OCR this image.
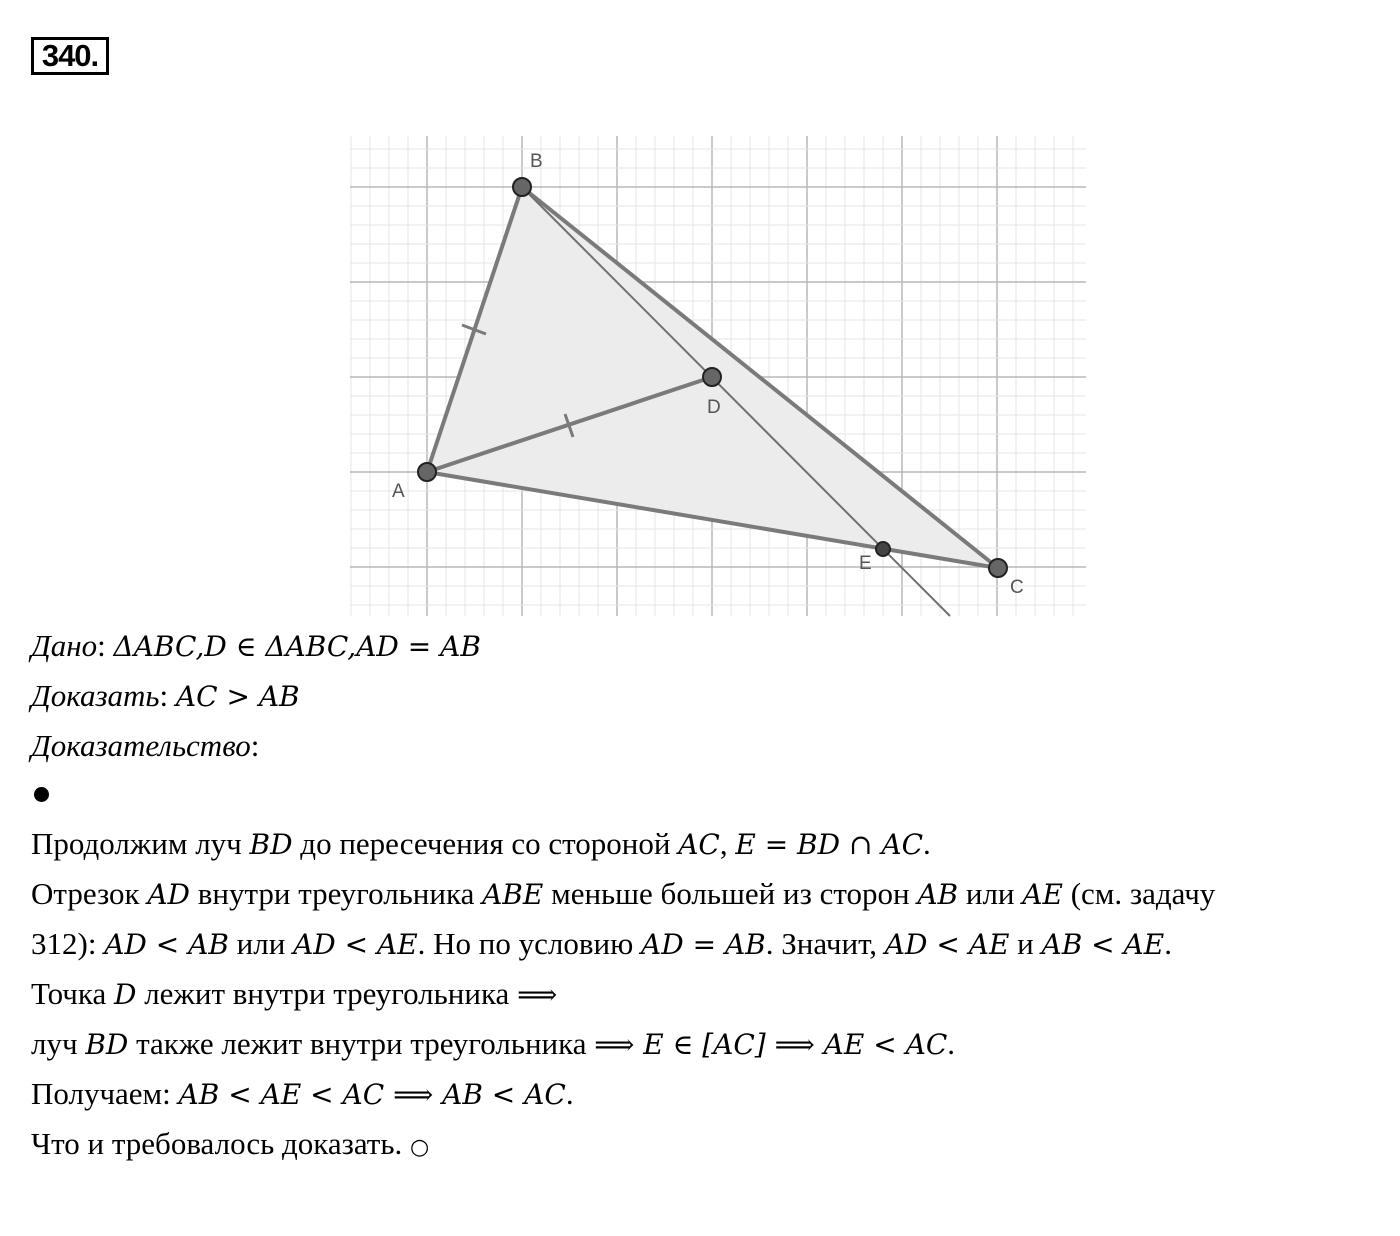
340.
A
B
C
D
E
Дано: ΔABC,D ∈ ΔABC,AD = AB
Доказать: AC > AB
Доказательство:
Продолжим луч BD до пересечения со стороной AC, E = BD ∩ AC.
Отрезок AD внутри треугольника ABE меньше большей из сторон AB или AE (см. задачу
312): AD < AB или AD < AE. Но по условию AD = AB. Значит, AD < AE и AB < AE.
Точка D лежит внутри треугольника ⟹
луч BD также лежит внутри треугольника ⟹ E ∈ [AC] ⟹ AE < AC.
Получаем: AB < AE < AC ⟹ AB < AC.
Что и требовалось доказать. ○
